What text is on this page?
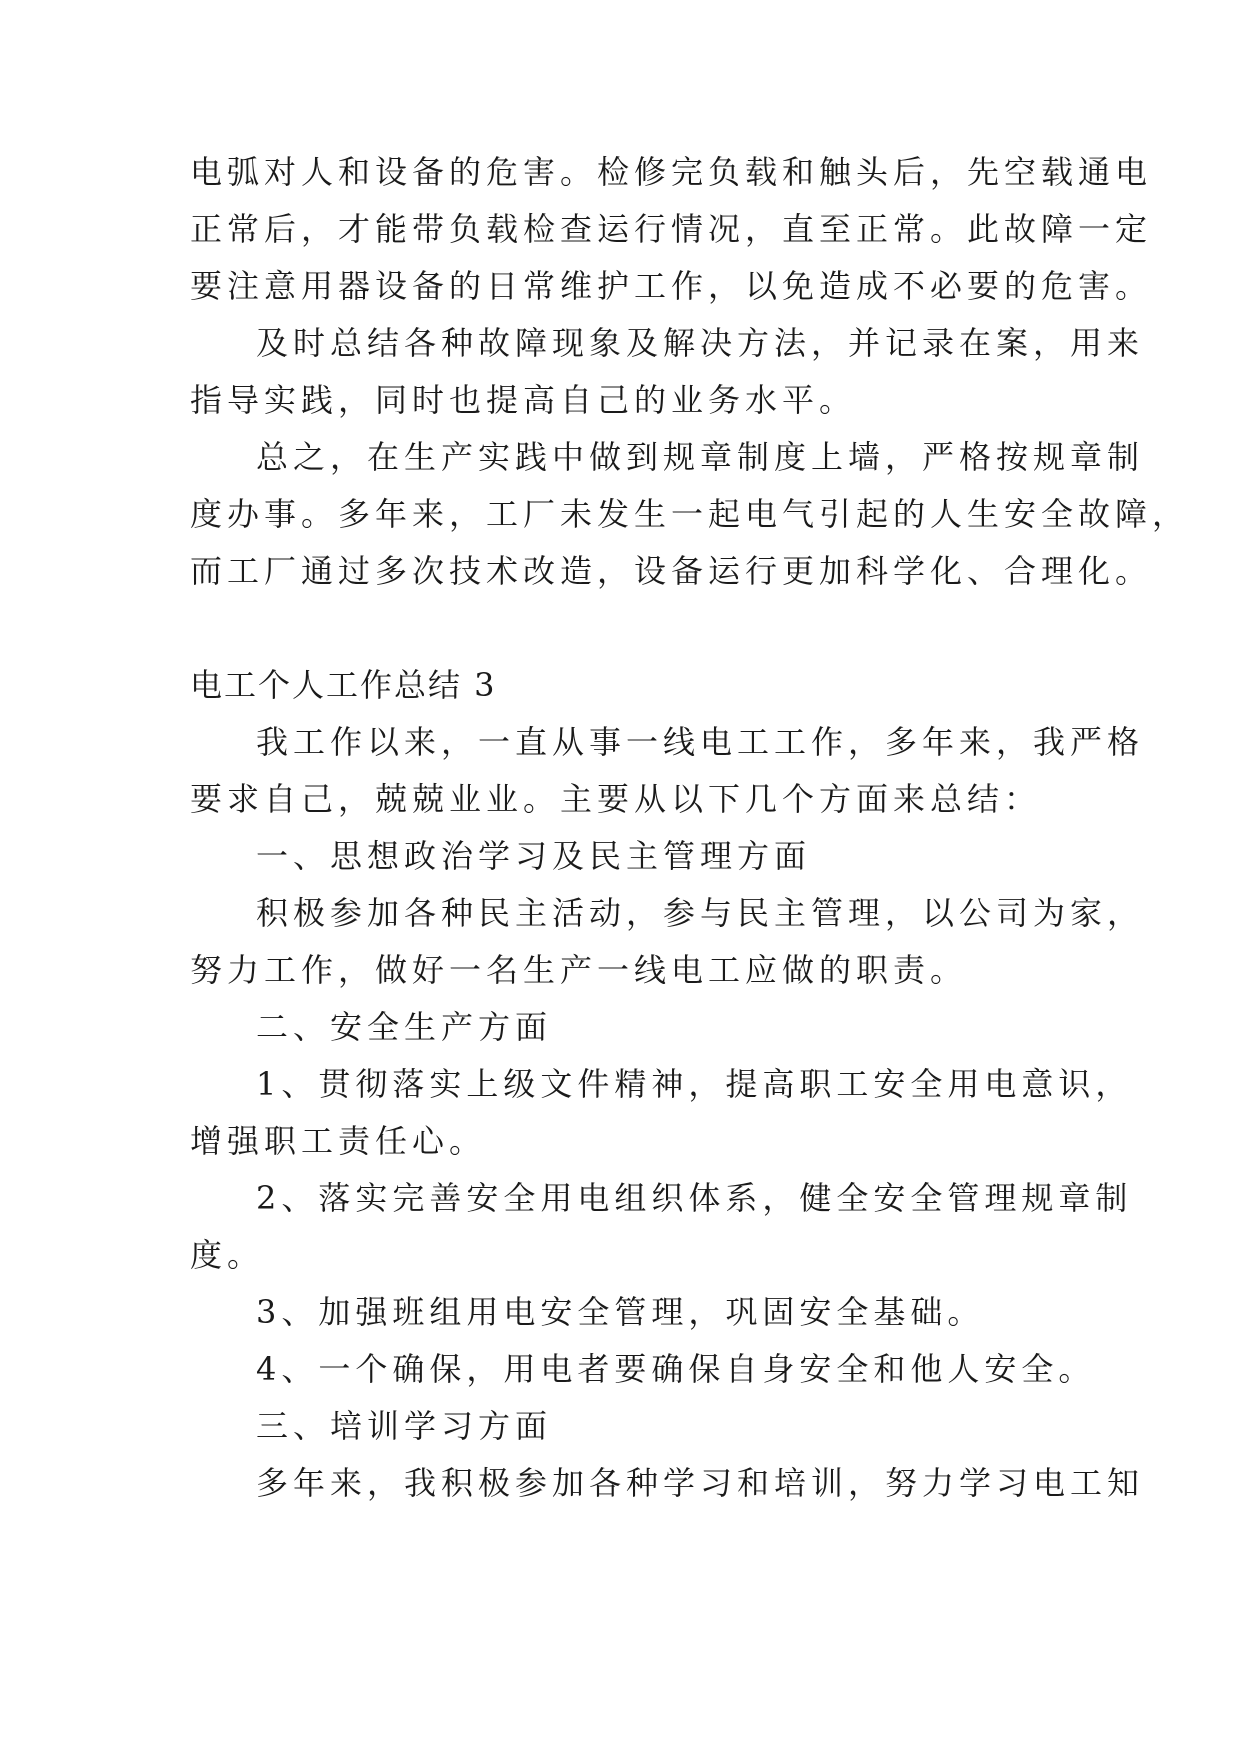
电弧对人和设备的危害。检修完负载和触头后，先空载通电
正常后，才能带负载检查运行情况，直至正常。此故障一定
要注意用器设备的日常维护工作，以免造成不必要的危害。
及时总结各种故障现象及解决方法，并记录在案，用来
指导实践，同时也提高自己的业务水平。
总之，在生产实践中做到规章制度上墙，严格按规章制
度办事。多年来，工厂未发生一起电气引起的人生安全故障，
而工厂通过多次技术改造，设备运行更加科学化、合理化。
电工个人工作总结 3
我工作以来，一直从事一线电工工作，多年来，我严格
要求自己，兢兢业业。主要从以下几个方面来总结：
一、思想政治学习及民主管理方面
积极参加各种民主活动，参与民主管理，以公司为家，
努力工作，做好一名生产一线电工应做的职责。
二、安全生产方面
1、贯彻落实上级文件精神，提高职工安全用电意识，
增强职工责任心。
2、落实完善安全用电组织体系，健全安全管理规章制
度。
3、加强班组用电安全管理，巩固安全基础。
4、一个确保，用电者要确保自身安全和他人安全。
三、培训学习方面
多年来，我积极参加各种学习和培训，努力学习电工知
